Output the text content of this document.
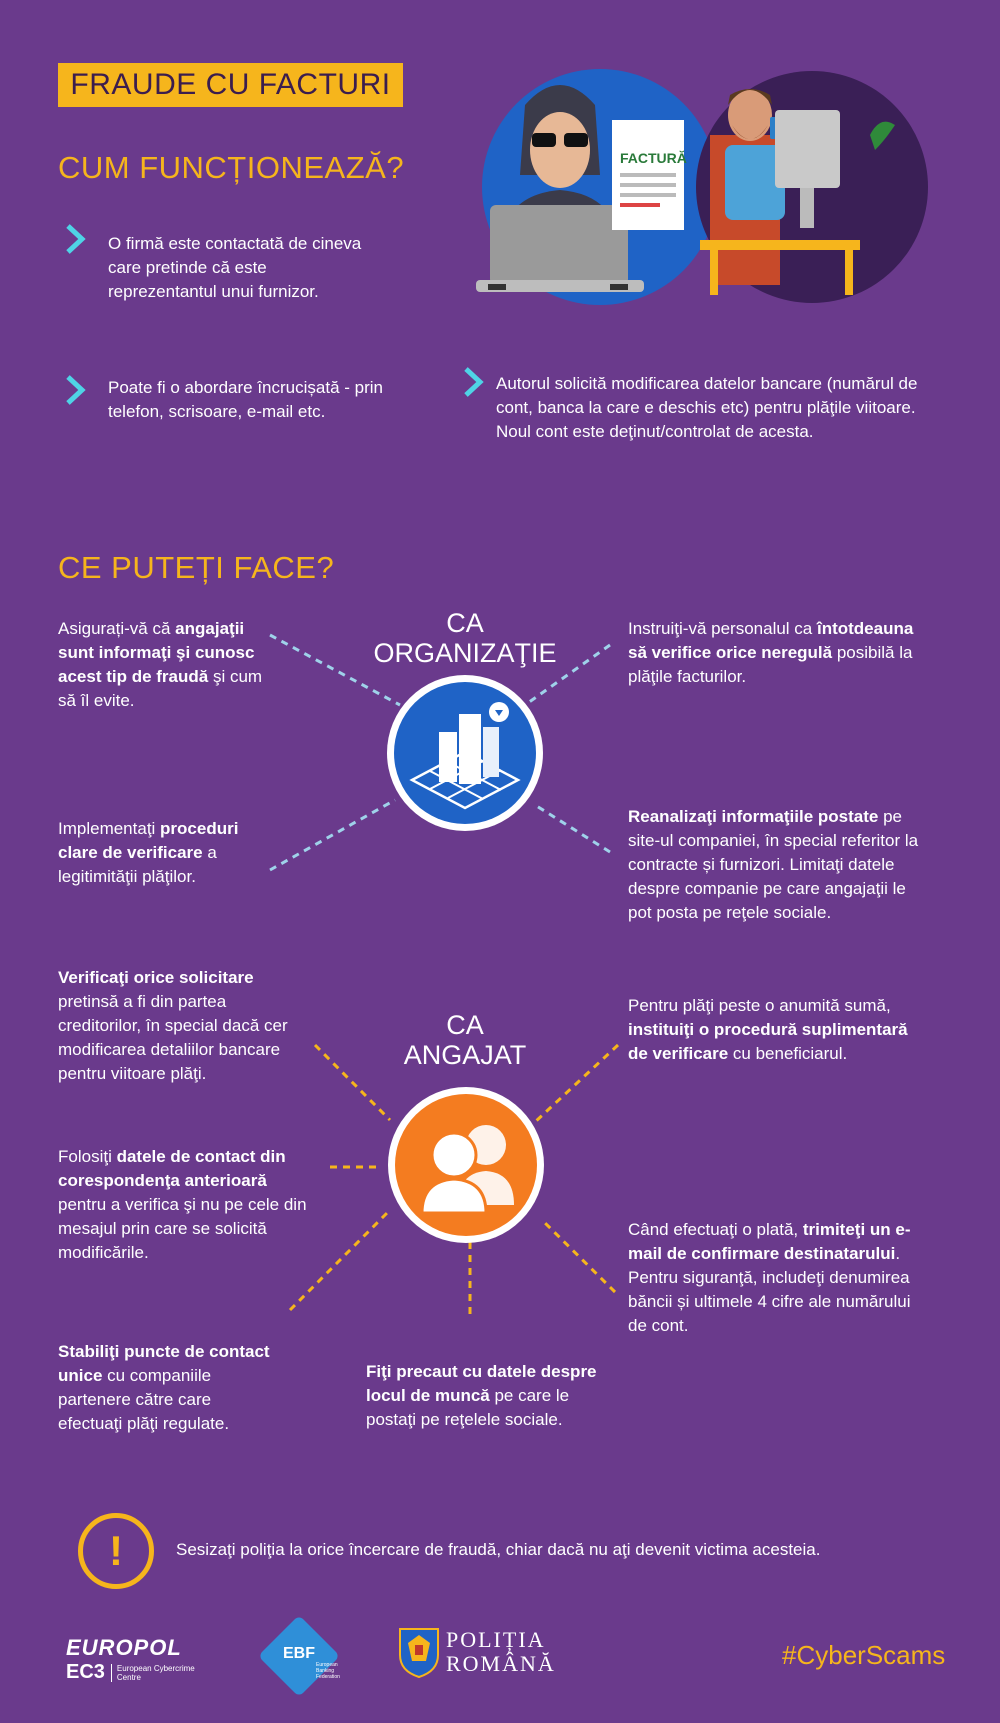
FRAUDE CU FACTURI
CUM FUNCȚIONEAZĂ?	FACTURĂ
O firmă este contactată de cineva care pretinde că este reprezentantul unui furnizor.
Poate fi o abordare încrucișată - prin telefon, scrisoare, e-mail etc.
Autorul solicită modificarea datelor bancare (numărul de cont, banca la care e deschis etc) pentru plăţile viitoare. Noul cont este deţinut/controlat de acesta.
CE PUTEȚI FACE?
CA
ORGANIZAŢIE
Asigurați-vă că angajaţii sunt informaţi şi cunosc acest tip de fraudă şi cum să îl evite.
Instruiţi-vă personalul ca întotdeauna să verifice orice neregulă posibilă la plăţile facturilor.
Implementaţi proceduri clare de verificare a legitimităţii plăţilor.
Reanalizaţi informaţiile postate pe site-ul companiei, în special referitor la contracte și furnizori. Limitaţi datele despre companie pe care angajaţii le pot posta pe reţele sociale.
CA
ANGAJAT
Verificaţi orice solicitare pretinsă a fi din partea creditorilor, în special dacă cer modificarea detaliilor bancare pentru viitoare plăţi.
Pentru plăţi peste o anumită sumă, instituiţi o procedură suplimentară de verificare cu beneficiarul.
Folosiţi datele de contact din corespondenţa anterioară pentru a verifica şi nu pe cele din mesajul prin care se solicită modificările.
Când efectuaţi o plată, trimiteţi un e-mail de confirmare destinatarului. Pentru siguranţă, includeţi denumirea băncii și ultimele 4 cifre ale numărului de cont.
Stabiliţi puncte de contact unice cu companiile partenere către care efectuaţi plăţi regulate.
Fiţi precaut cu datele despre locul de muncă pe care le postaţi pe reţelele sociale.
!	Sesizaţi poliţia la orice încercare de fraudă, chiar dacă nu aţi devenit victima acesteia.
EUROPOL
EC3	European Cybercrime
Centre
EBF
European Banking Federation
POLIȚIA
ROMÂNĂ	#CyberScams
